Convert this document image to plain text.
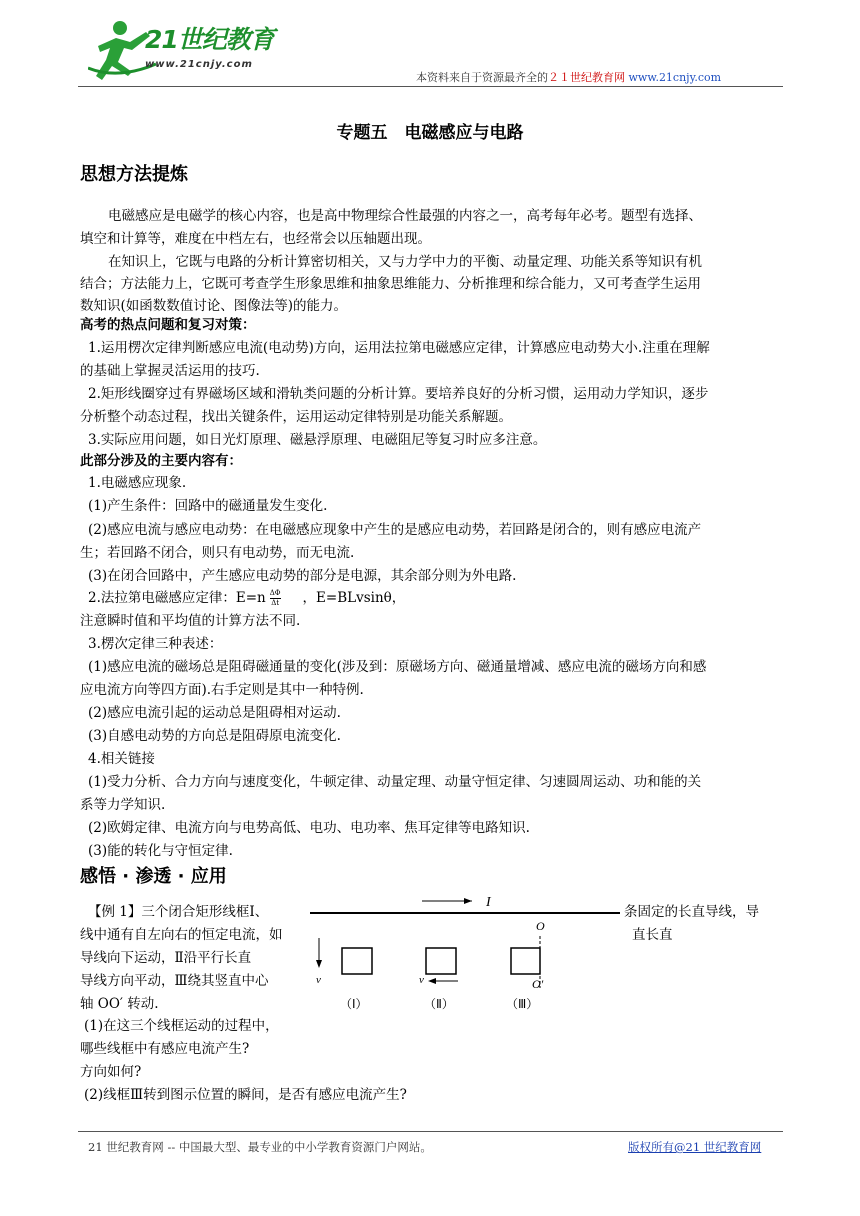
21世纪教育
www.21cnjy.com
本资料来自于资源最齐全的２１世纪教育网 www.21cnjy.com
专题五　电磁感应与电路
思想方法提炼
电磁感应是电磁学的核心内容，也是高中物理综合性最强的内容之一，高考每年必考。题型有选择、
填空和计算等，难度在中档左右，也经常会以压轴题出现。
在知识上，它既与电路的分析计算密切相关，又与力学中力的平衡、动量定理、功能关系等知识有机
结合；方法能力上，它既可考查学生形象思维和抽象思维能力、分析推理和综合能力，又可考查学生运用
数知识(如函数数值讨论、图像法等)的能力。
高考的热点问题和复习对策：
1.运用楞次定律判断感应电流(电动势)方向，运用法拉第电磁感应定律，计算感应电动势大小.注重在理解
的基础上掌握灵活运用的技巧.
2.矩形线圈穿过有界磁场区域和滑轨类问题的分析计算。要培养良好的分析习惯，运用动力学知识，逐步
分析整个动态过程，找出关键条件，运用运动定律特别是功能关系解题。
3.实际应用问题，如日光灯原理、磁悬浮原理、电磁阻尼等复习时应多注意。
此部分涉及的主要内容有：
1.电磁感应现象.
(1)产生条件：回路中的磁通量发生变化.
(2)感应电流与感应电动势：在电磁感应现象中产生的是感应电动势，若回路是闭合的，则有感应电流产
生；若回路不闭合，则只有电动势，而无电流.
(3)在闭合回路中，产生感应电动势的部分是电源，其余部分则为外电路.
2.法拉第电磁感应定律：$E=n \frac{\Delta\Phi}{\Delta t}$ ，E=BLvsinθ，
注意瞬时值和平均值的计算方法不同.
3.楞次定律三种表述：
(1)感应电流的磁场总是阻碍磁通量的变化(涉及到：原磁场方向、磁通量增减、感应电流的磁场方向和感
应电流方向等四方面).右手定则是其中一种特例.
(2)感应电流引起的运动总是阻碍相对运动.
(3)自感电动势的方向总是阻碍原电流变化.
4.相关链接
(1)受力分析、合力方向与速度变化，牛顿定律、动量定理、动量守恒定律、匀速圆周运动、功和能的关
系等力学知识.
(2)欧姆定律、电流方向与电势高低、电功、电功率、焦耳定律等电路知识.
(3)能的转化与守恒定律.
感悟 · 渗透 · 应用
【例 1】三个闭合矩形线框Ⅰ、	条固定的长直导线，导
线中通有自左向右的恒定电流，如	直长直
导线向下运动，Ⅱ沿平行长直
导线方向平动，Ⅲ绕其竖直中心
轴 OO′ 转动.
(1)在这三个线框运动的过程中，
哪些线框中有感应电流产生?
方向如何?
(2)线框Ⅲ转到图示位置的瞬间，是否有感应电流产生?
I
v	v
O
O′
（Ⅰ）	（Ⅱ）	（Ⅲ）
21 世纪教育网 -- 中国最大型、最专业的中小学教育资源门户网站。	版权所有@21 世纪教育网
